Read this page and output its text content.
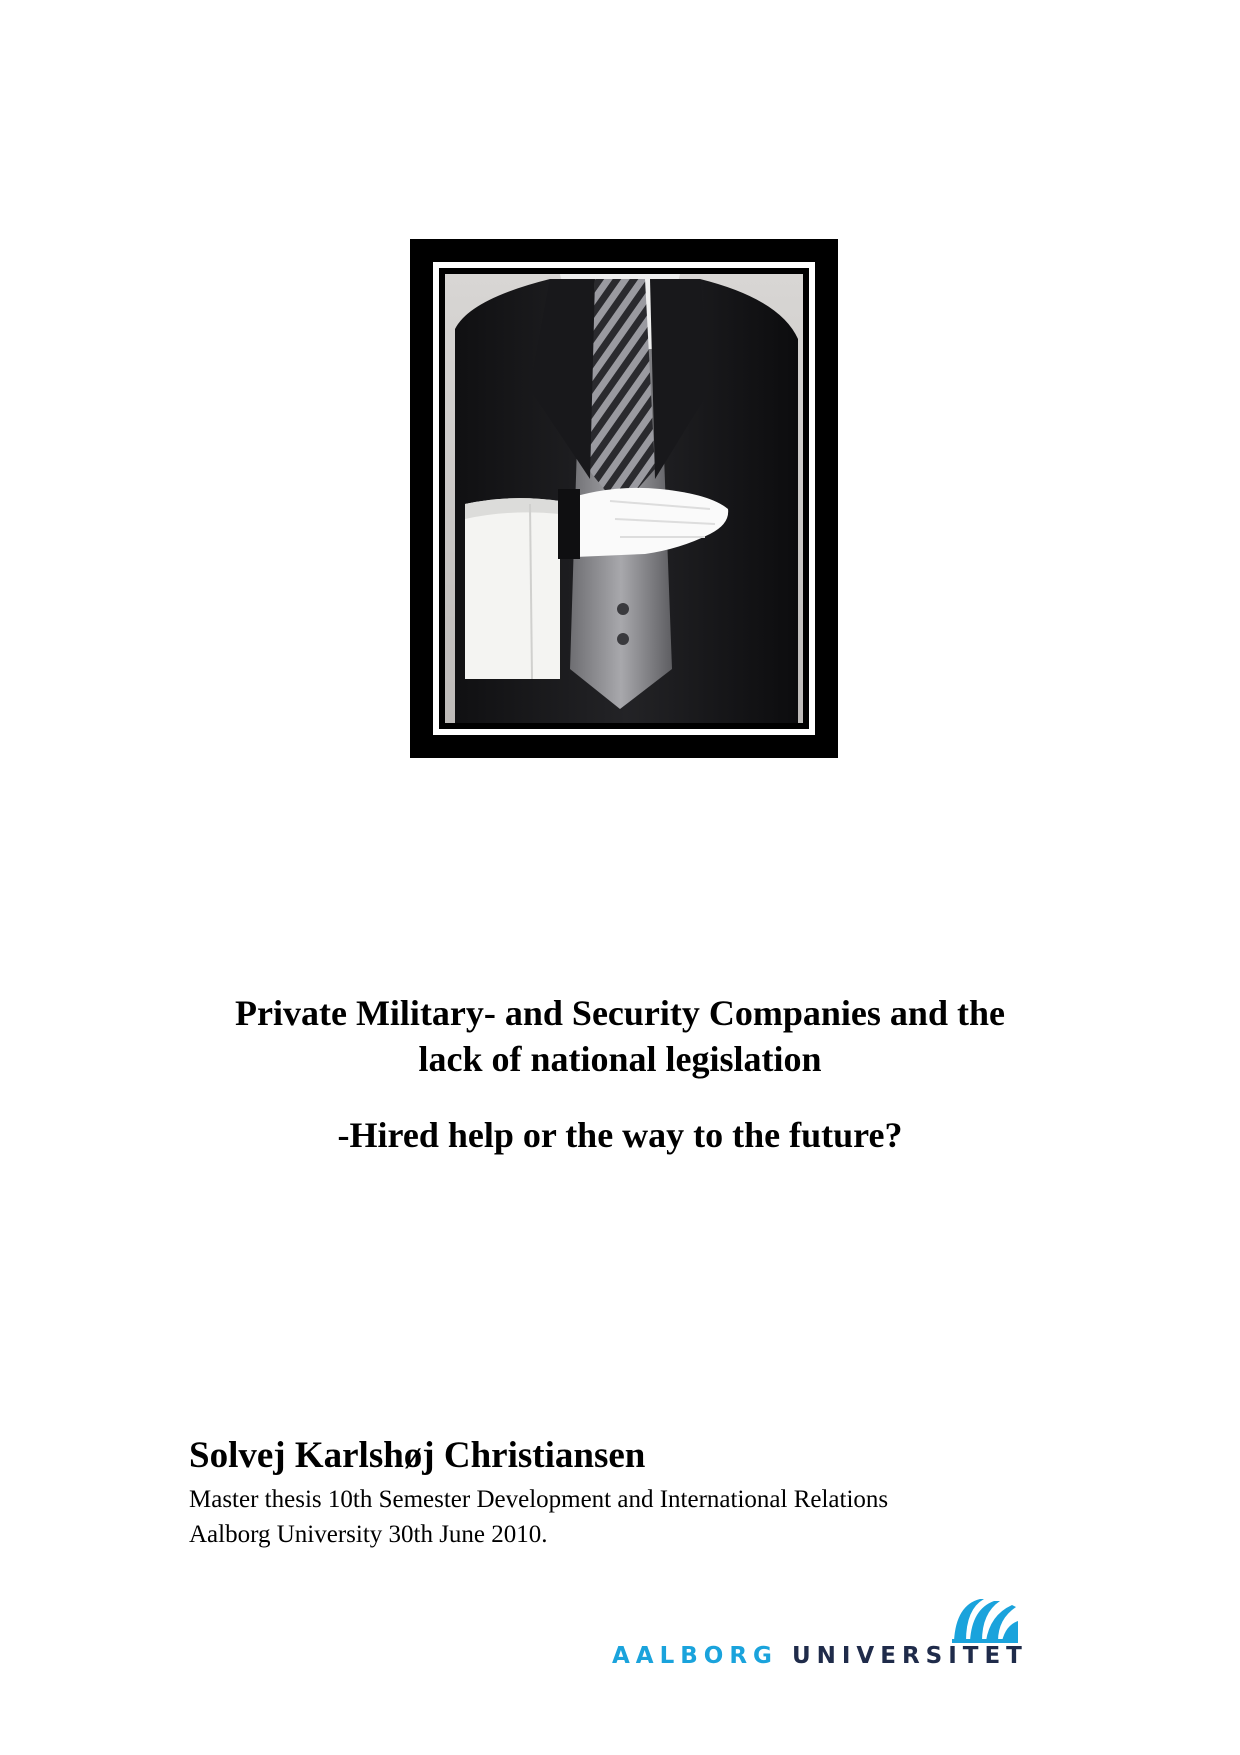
Private Military- and Security Companies and the

lack of national legislation

-Hired help or the way to the future?

Solvej Karlshøj Christiansen

Master thesis 10th Semester Development and International Relations

Aalborg University 30th June 2010.

AALBORG UNIVERSITET
